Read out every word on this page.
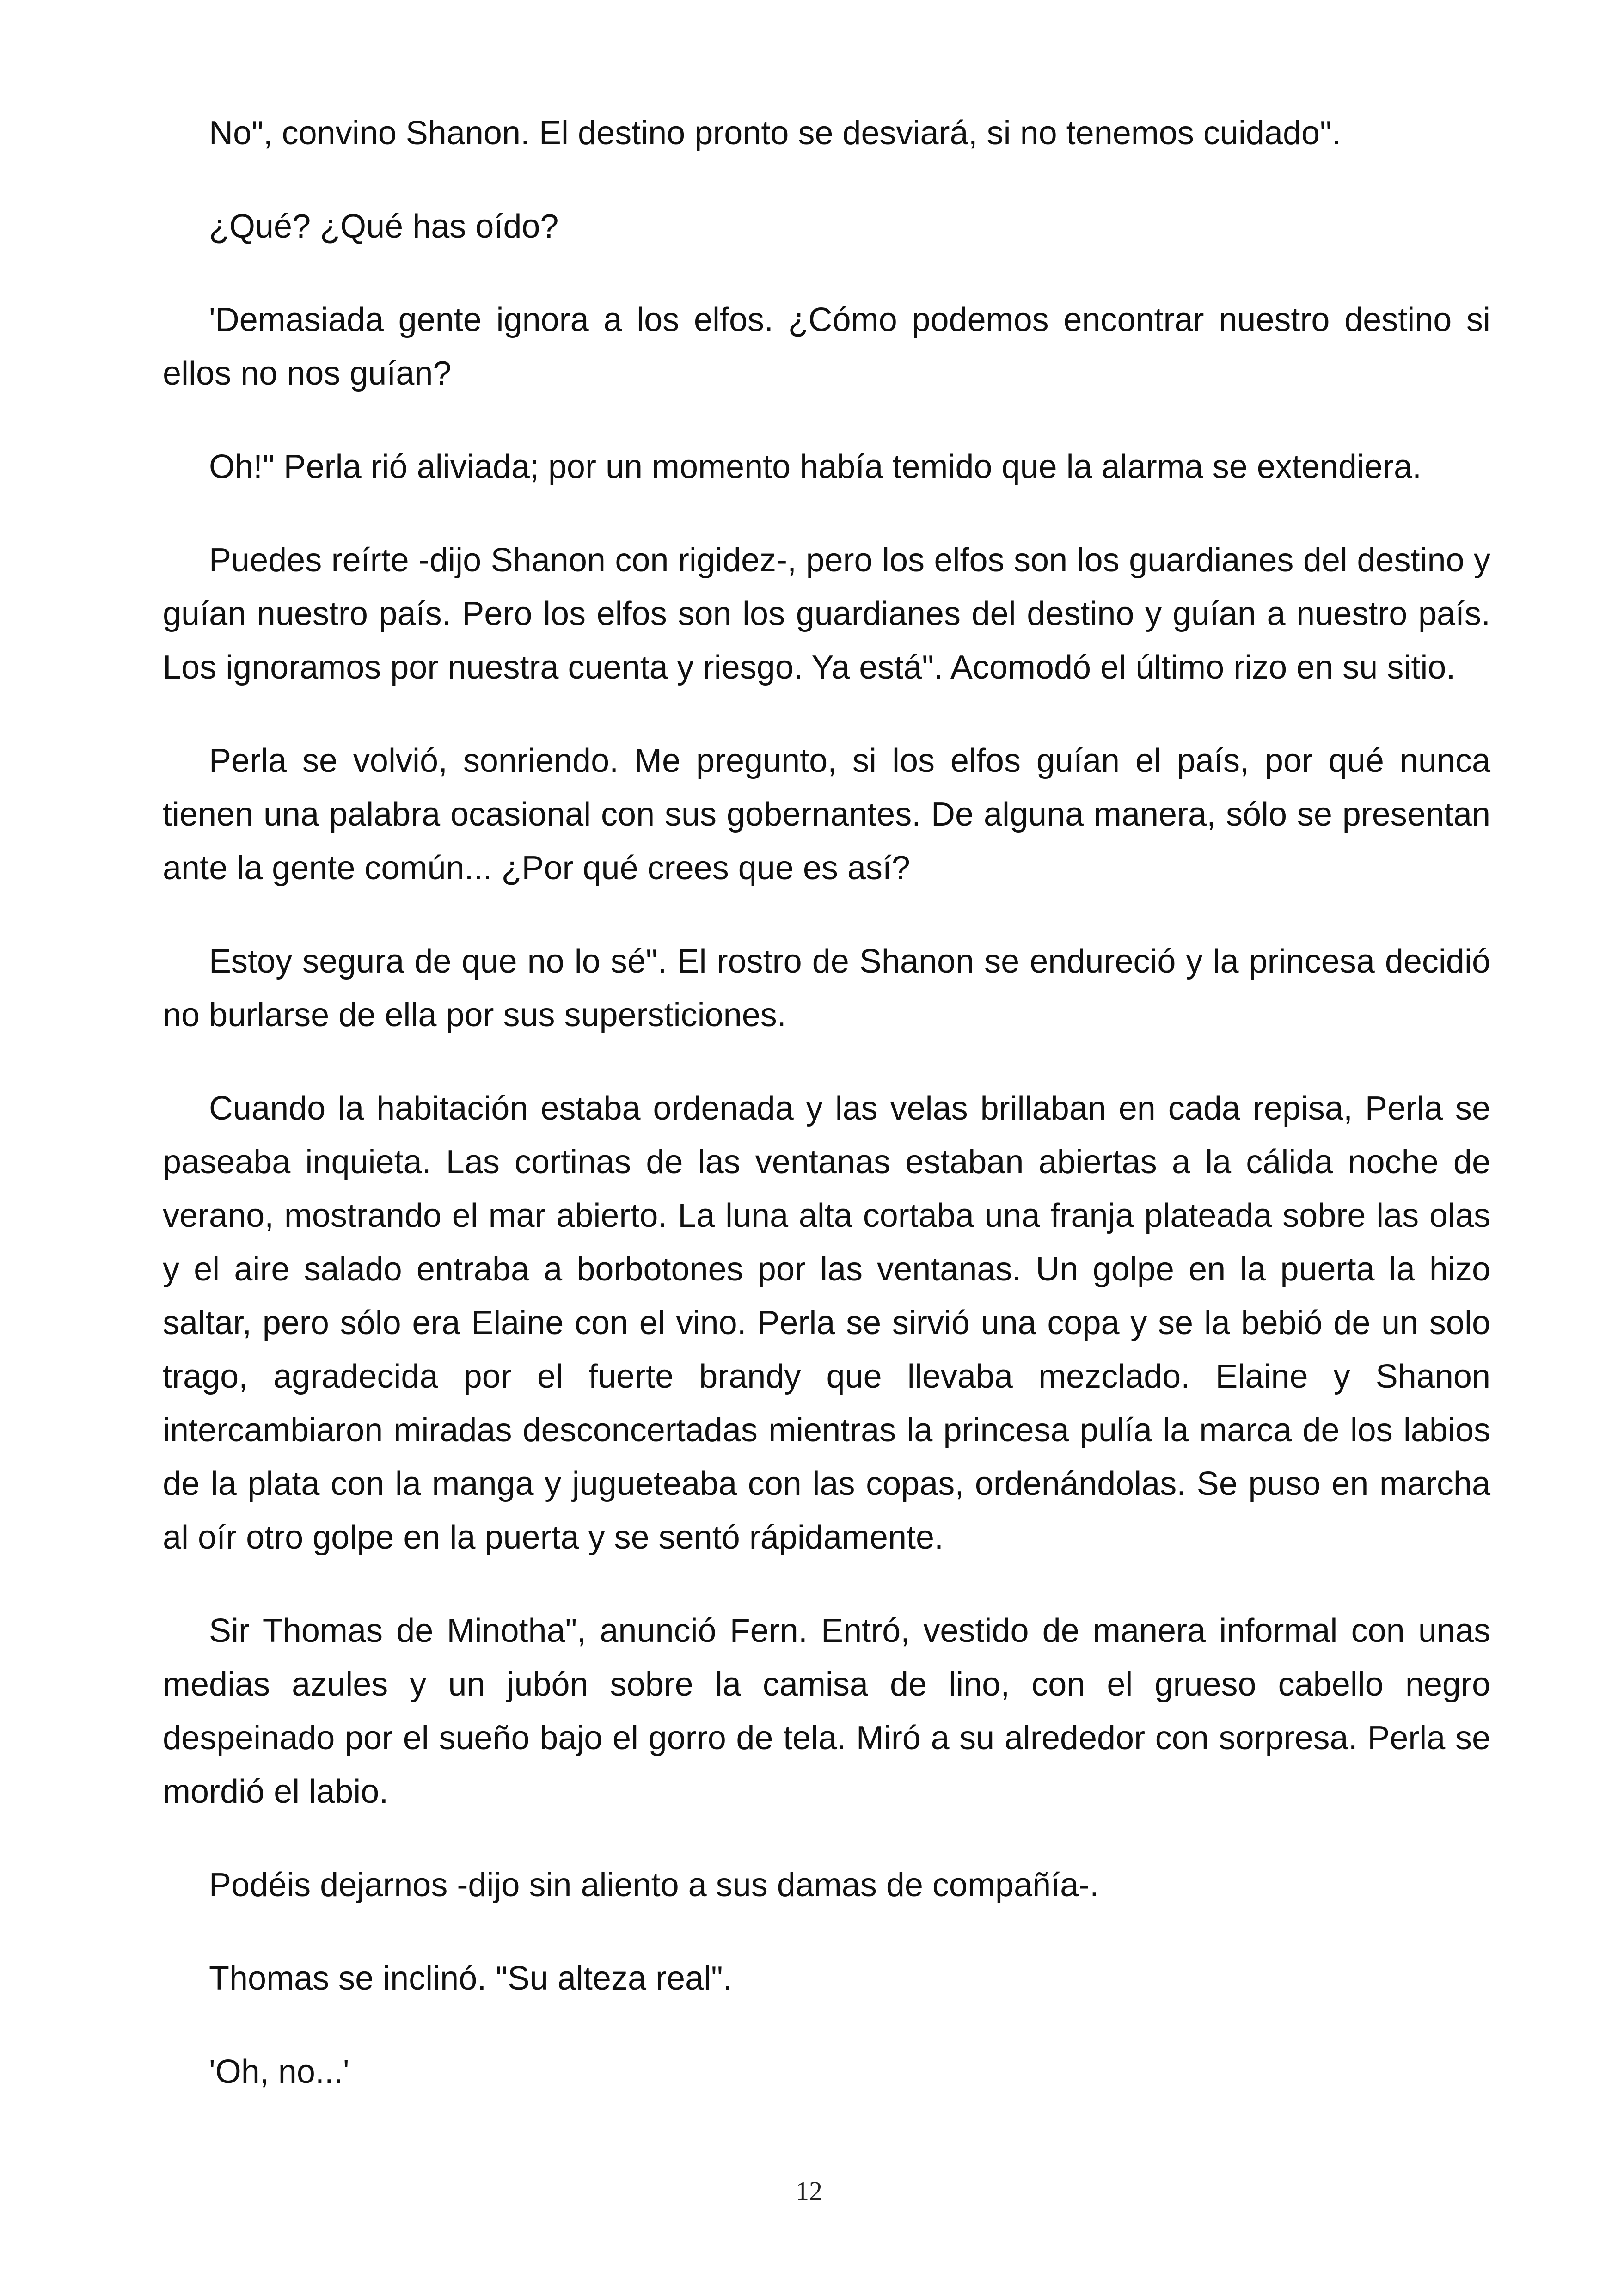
No", convino Shanon. El destino pronto se desviará, si no tenemos cuidado".

¿Qué? ¿Qué has oído?

'Demasiada gente ignora a los elfos. ¿Cómo podemos encontrar nuestro destino si ellos no nos guían?

Oh!" Perla rió aliviada; por un momento había temido que la alarma se extendiera.

Puedes reírte -dijo Shanon con rigidez-, pero los elfos son los guardianes del destino y guían nuestro país. Pero los elfos son los guardianes del destino y guían a nuestro país. Los ignoramos por nuestra cuenta y riesgo. Ya está". Acomodó el último rizo en su sitio.

Perla se volvió, sonriendo. Me pregunto, si los elfos guían el país, por qué nunca tienen una palabra ocasional con sus gobernantes. De alguna manera, sólo se presentan ante la gente común... ¿Por qué crees que es así?

Estoy segura de que no lo sé". El rostro de Shanon se endureció y la princesa decidió no burlarse de ella por sus supersticiones.

Cuando la habitación estaba ordenada y las velas brillaban en cada repisa, Perla se paseaba inquieta. Las cortinas de las ventanas estaban abiertas a la cálida noche de verano, mostrando el mar abierto. La luna alta cortaba una franja plateada sobre las olas y el aire salado entraba a borbotones por las ventanas. Un golpe en la puerta la hizo saltar, pero sólo era Elaine con el vino. Perla se sirvió una copa y se la bebió de un solo trago, agradecida por el fuerte brandy que llevaba mezclado. Elaine y Shanon intercambiaron miradas desconcertadas mientras la princesa pulía la marca de los labios de la plata con la manga y jugueteaba con las copas, ordenándolas. Se puso en marcha al oír otro golpe en la puerta y se sentó rápidamente.

Sir Thomas de Minotha", anunció Fern. Entró, vestido de manera informal con unas medias azules y un jubón sobre la camisa de lino, con el grueso cabello negro despeinado por el sueño bajo el gorro de tela. Miró a su alrededor con sorpresa. Perla se mordió el labio.

Podéis dejarnos -dijo sin aliento a sus damas de compañía-.

Thomas se inclinó. "Su alteza real".

'Oh, no...'

12
